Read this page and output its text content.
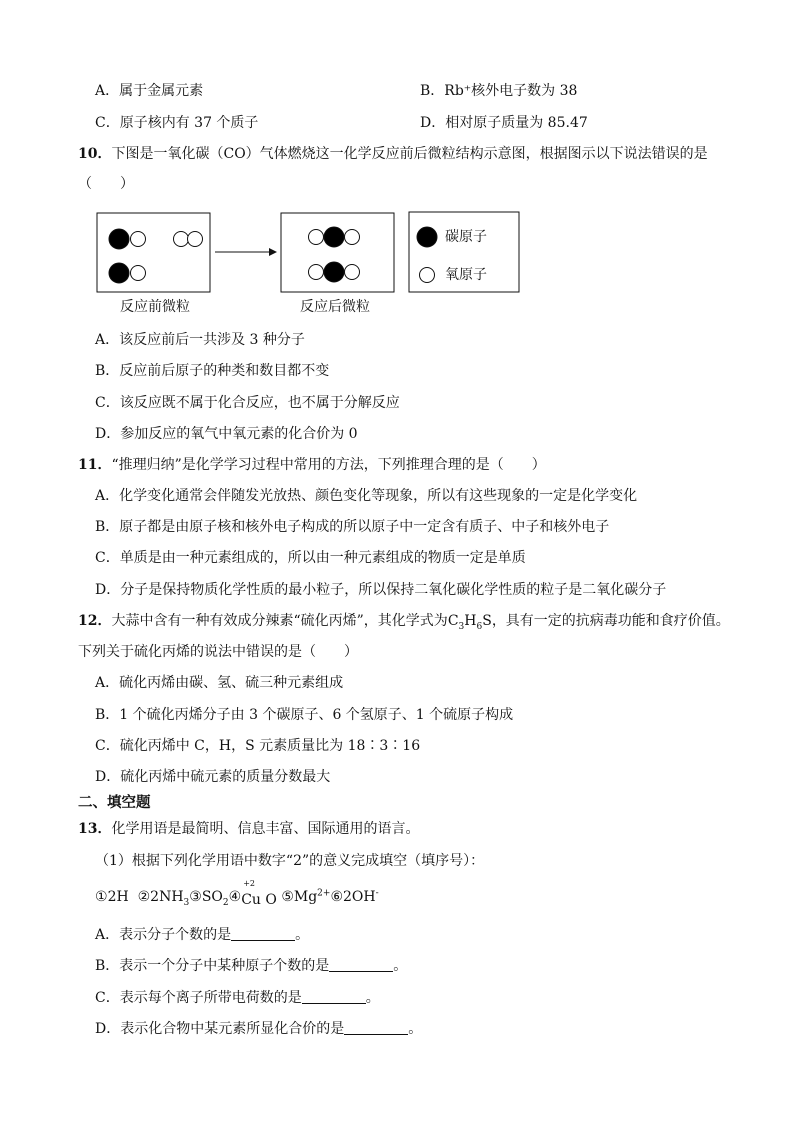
A．属于金属元素	B．Rb⁺核外电子数为 38
C．原子核内有 37 个质子	D．相对原子质量为 85.47
10．下图是一氧化碳（CO）气体燃烧这一化学反应前后微粒结构示意图，根据图示以下说法错误的是
（　　）
反应前微粒	反应后微粒
碳原子
氧原子
A．该反应前后一共涉及 3 种分子
B．反应前后原子的种类和数目都不变
C．该反应既不属于化合反应，也不属于分解反应
D．参加反应的氧气中氧元素的化合价为 0
11．“推理归纳”是化学学习过程中常用的方法，下列推理合理的是（　　）
A．化学变化通常会伴随发光放热、颜色变化等现象，所以有这些现象的一定是化学变化
B．原子都是由原子核和核外电子构成的所以原子中一定含有质子、中子和核外电子
C．单质是由一种元素组成的，所以由一种元素组成的物质一定是单质
D．分子是保持物质化学性质的最小粒子，所以保持二氧化碳化学性质的粒子是二氧化碳分子
12．大蒜中含有一种有效成分辣素“硫化丙烯”，其化学式为$C_3H_6S$，具有一定的抗病毒功能和食疗价值。
下列关于硫化丙烯的说法中错误的是（　　）
A．硫化丙烯由碳、氢、硫三种元素组成
B．1 个硫化丙烯分子由 3 个碳原子、6 个氢原子、1 个硫原子构成
C．硫化丙烯中 C，H，S 元素质量比为 18∶3∶16
D．硫化丙烯中硫元素的质量分数最大
二、填空题
13．化学用语是最简明、信息丰富、国际通用的语言。
（1）根据下列化学用语中数字“2”的意义完成填空（填序号）：
①2H $②2NH_3③SO_2④$
+2
Cu O $⑤Mg^{2+}⑥2OH^-$
A．表示分子个数的是	。
B．表示一个分子中某种原子个数的是	。
C．表示每个离子所带电荷数的是	。
D．表示化合物中某元素所显化合价的是	。
